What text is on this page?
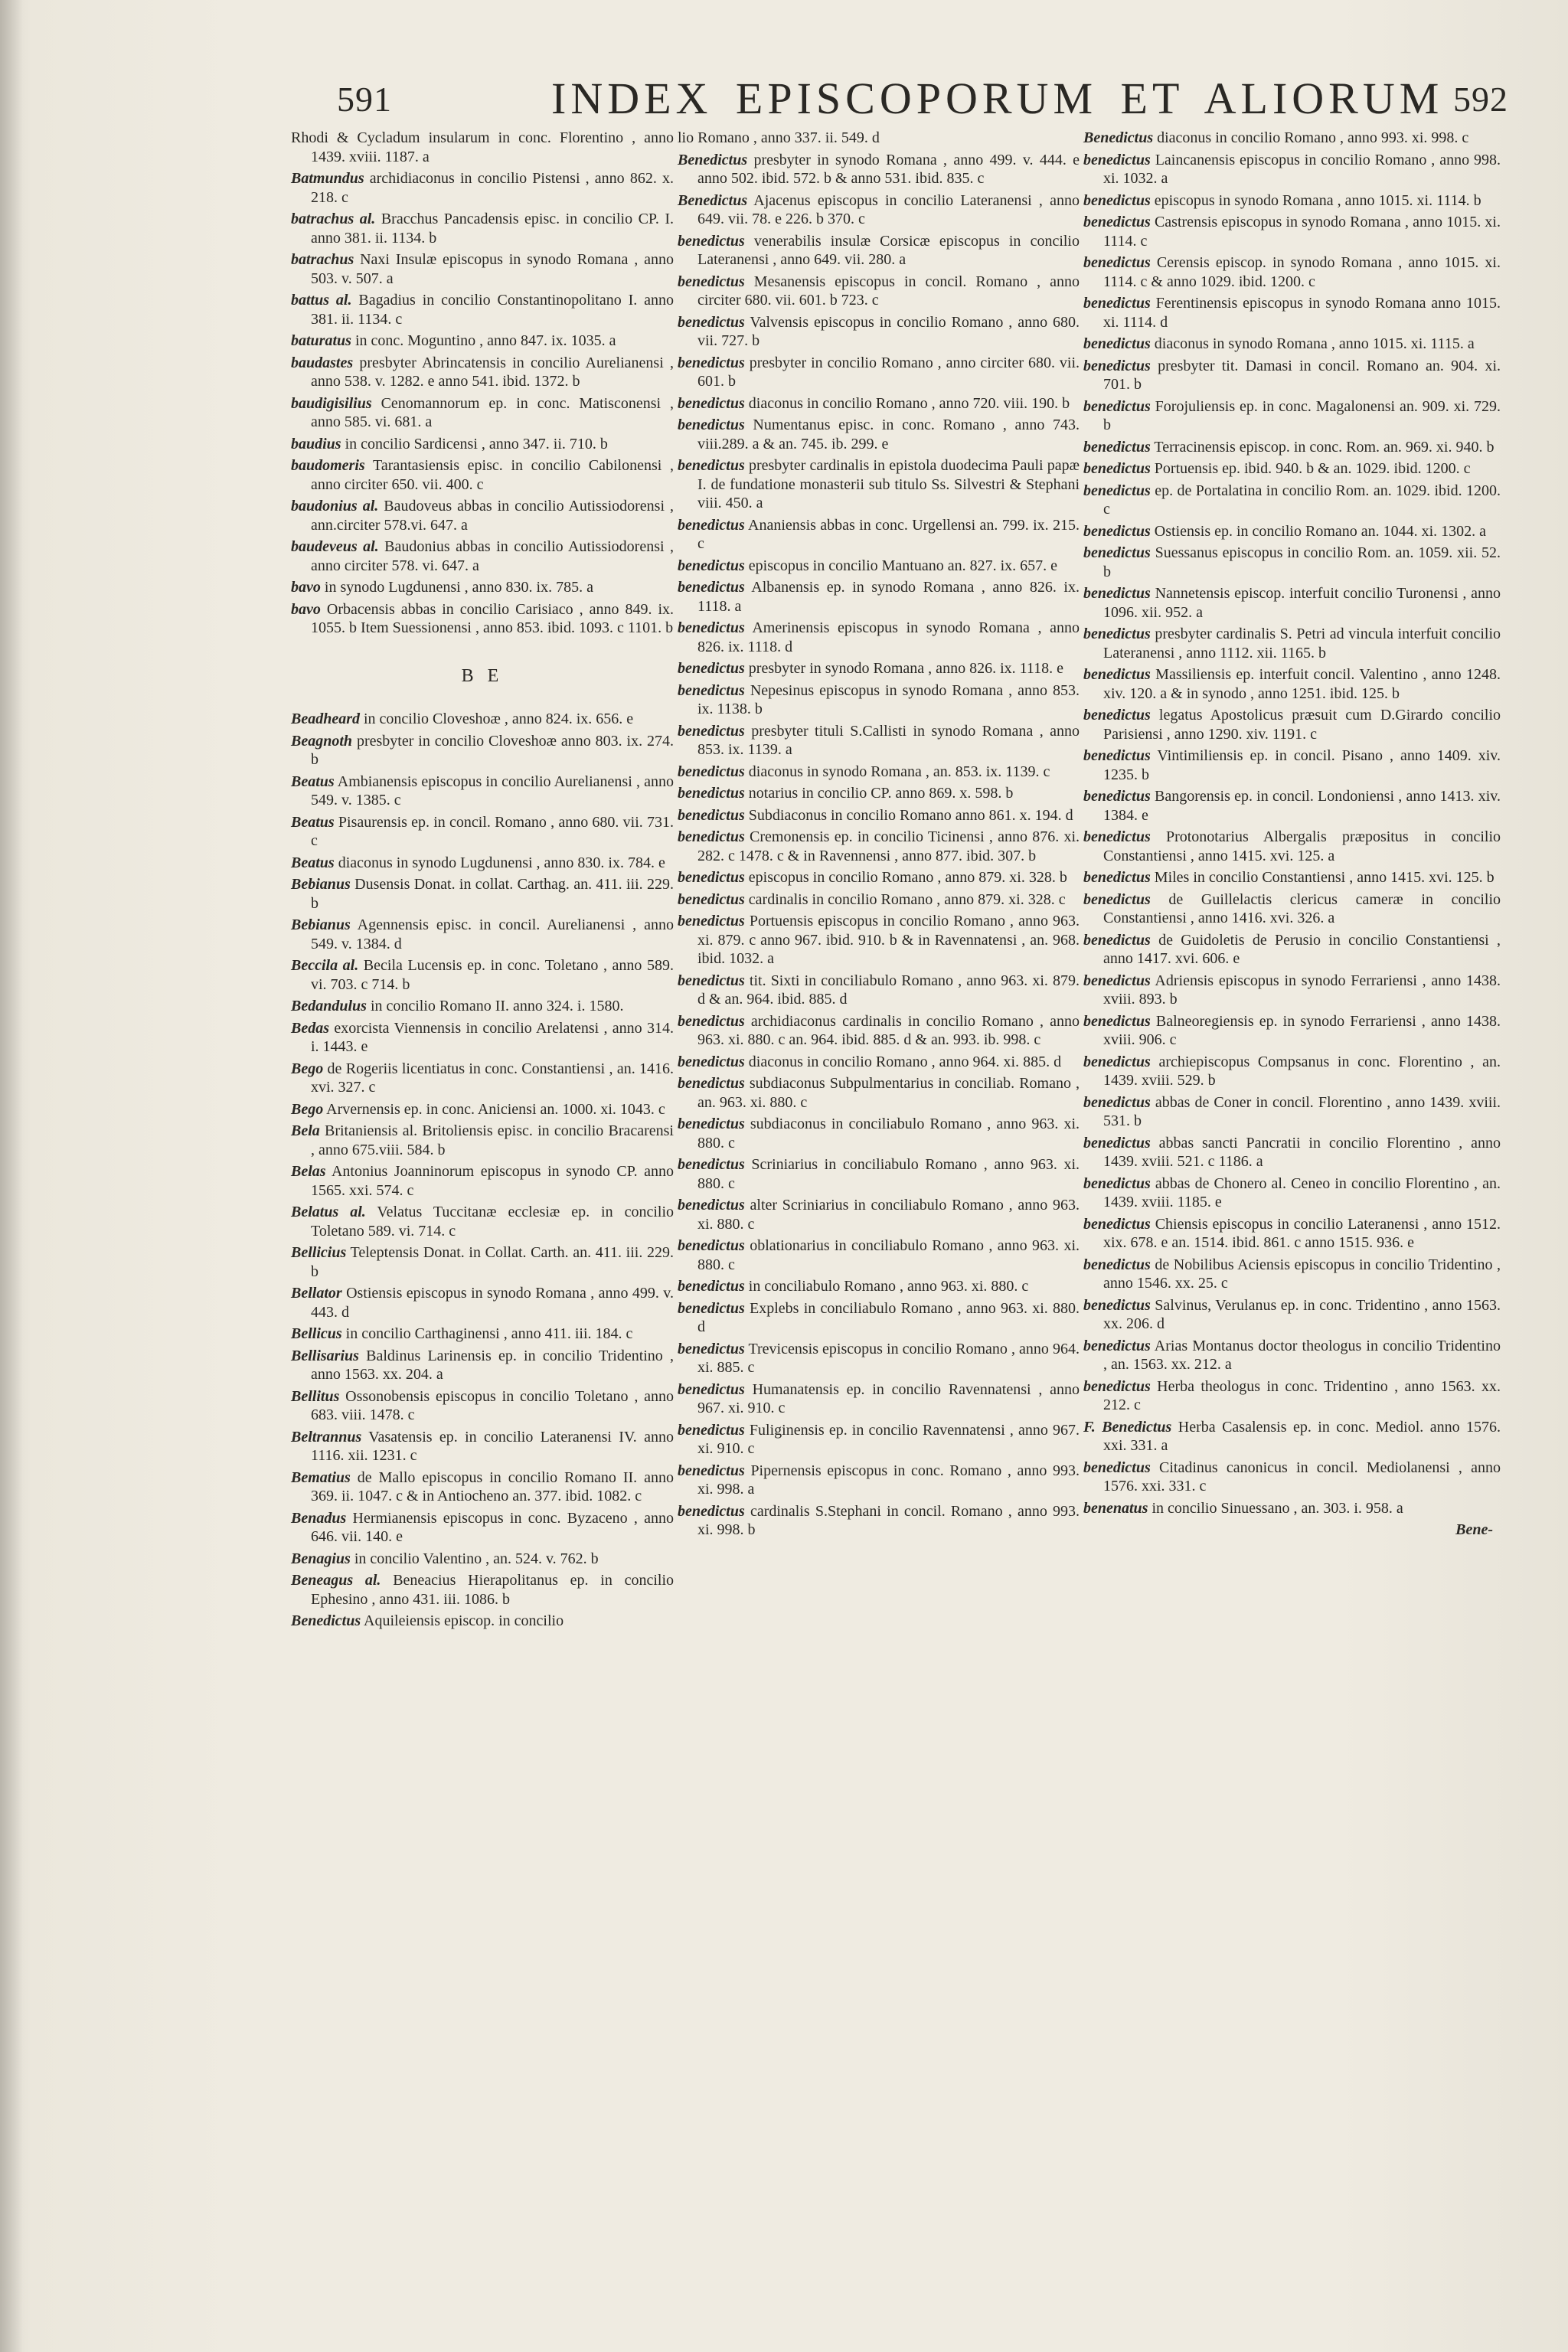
591	INDEX EPISCOPORUM ET ALIORUM 592

Rhodi & Cycladum insularum in conc. Florentino , anno 1439. xviii. 1187. a

Batmundus archidiaconus in concilio Pistensi , anno 862. x. 218. c

batrachus al. Bracchus Pancadensis episc. in concilio CP. I. anno 381. ii. 1134. b

batrachus Naxi Insulæ episcopus in synodo Romana , anno 503. v. 507. a

battus al. Bagadius in concilio Constantinopolitano I. anno 381. ii. 1134. c

baturatus in conc. Moguntino , anno 847. ix. 1035. a

baudastes presbyter Abrincatensis in concilio Aurelianensi , anno 538. v. 1282. e anno 541. ibid. 1372. b

baudigisilius Cenomannorum ep. in conc. Matisconensi , anno 585. vi. 681. a

baudius in concilio Sardicensi , anno 347. ii. 710. b

baudomeris Tarantasiensis episc. in concilio Cabilonensi , anno circiter 650. vii. 400. c

baudonius al. Baudoveus abbas in concilio Autissiodorensi , ann.circiter 578.vi. 647. a

baudeveus al. Baudonius abbas in concilio Autissiodorensi , anno circiter 578. vi. 647. a

bavo in synodo Lugdunensi , anno 830. ix. 785. a

bavo Orbacensis abbas in concilio Carisiaco , anno 849. ix. 1055. b Item Suessionensi , anno 853. ibid. 1093. c 1101. b

B E

Beadheard in concilio Cloveshoæ , anno 824. ix. 656. e

Beagnoth presbyter in concilio Cloveshoæ anno 803. ix. 274. b

Beatus Ambianensis episcopus in concilio Aurelianensi , anno 549. v. 1385. c

Beatus Pisaurensis ep. in concil. Romano , anno 680. vii. 731. c

Beatus diaconus in synodo Lugdunensi , anno 830. ix. 784. e

Bebianus Dusensis Donat. in collat. Carthag. an. 411. iii. 229. b

Bebianus Agennensis episc. in concil. Aurelianensi , anno 549. v. 1384. d

Beccila al. Becila Lucensis ep. in conc. Toletano , anno 589. vi. 703. c 714. b

Bedandulus in concilio Romano II. anno 324. i. 1580.

Bedas exorcista Viennensis in concilio Arelatensi , anno 314. i. 1443. e

Bego de Rogeriis licentiatus in conc. Constantiensi , an. 1416. xvi. 327. c

Bego Arvernensis ep. in conc. Aniciensi an. 1000. xi. 1043. c

Bela Britaniensis al. Britoliensis episc. in concilio Bracarensi , anno 675.viii. 584. b

Belas Antonius Joanninorum episcopus in synodo CP. anno 1565. xxi. 574. c

Belatus al. Velatus Tuccitanæ ecclesiæ ep. in concilio Toletano 589. vi. 714. c

Bellicius Teleptensis Donat. in Collat. Carth. an. 411. iii. 229. b

Bellator Ostiensis episcopus in synodo Romana , anno 499. v. 443. d

Bellicus in concilio Carthaginensi , anno 411. iii. 184. c

Bellisarius Baldinus Larinensis ep. in concilio Tridentino , anno 1563. xx. 204. a

Bellitus Ossonobensis episcopus in concilio Toletano , anno 683. viii. 1478. c

Beltrannus Vasatensis ep. in concilio Lateranensi IV. anno 1116. xii. 1231. c

Bematius de Mallo episcopus in concilio Romano II. anno 369. ii. 1047. c & in Antiocheno an. 377. ibid. 1082. c

Benadus Hermianensis episcopus in conc. Byzaceno , anno 646. vii. 140. e

Benagius in concilio Valentino , an. 524. v. 762. b

Beneagus al. Beneacius Hierapolitanus ep. in concilio Ephesino , anno 431. iii. 1086. b

Benedictus Aquileiensis episcop. in concilio

lio Romano , anno 337. ii. 549. d

Benedictus presbyter in synodo Romana , anno 499. v. 444. e anno 502. ibid. 572. b & anno 531. ibid. 835. c

Benedictus Ajacenus episcopus in concilio Lateranensi , anno 649. vii. 78. e 226. b 370. c

benedictus venerabilis insulæ Corsicæ episcopus in concilio Lateranensi , anno 649. vii. 280. a

benedictus Mesanensis episcopus in concil. Romano , anno circiter 680. vii. 601. b 723. c

benedictus Valvensis episcopus in concilio Romano , anno 680. vii. 727. b

benedictus presbyter in concilio Romano , anno circiter 680. vii. 601. b

benedictus diaconus in concilio Romano , anno 720. viii. 190. b

benedictus Numentanus episc. in conc. Romano , anno 743. viii.289. a & an. 745. ib. 299. e

benedictus presbyter cardinalis in epistola duodecima Pauli papæ I. de fundatione monasterii sub titulo Ss. Silvestri & Stephani viii. 450. a

benedictus Ananiensis abbas in conc. Urgellensi an. 799. ix. 215. c

benedictus episcopus in concilio Mantuano an. 827. ix. 657. e

benedictus Albanensis ep. in synodo Romana , anno 826. ix. 1118. a

benedictus Amerinensis episcopus in synodo Romana , anno 826. ix. 1118. d

benedictus presbyter in synodo Romana , anno 826. ix. 1118. e

benedictus Nepesinus episcopus in synodo Romana , anno 853. ix. 1138. b

benedictus presbyter tituli S.Callisti in synodo Romana , anno 853. ix. 1139. a

benedictus diaconus in synodo Romana , an. 853. ix. 1139. c

benedictus notarius in concilio CP. anno 869. x. 598. b

benedictus Subdiaconus in concilio Romano anno 861. x. 194. d

benedictus Cremonensis ep. in concilio Ticinensi , anno 876. xi. 282. c 1478. c & in Ravennensi , anno 877. ibid. 307. b

benedictus episcopus in concilio Romano , anno 879. xi. 328. b

benedictus cardinalis in concilio Romano , anno 879. xi. 328. c

benedictus Portuensis episcopus in concilio Romano , anno 963. xi. 879. c anno 967. ibid. 910. b & in Ravennatensi , an. 968. ibid. 1032. a

benedictus tit. Sixti in conciliabulo Romano , anno 963. xi. 879. d & an. 964. ibid. 885. d

benedictus archidiaconus cardinalis in concilio Romano , anno 963. xi. 880. c an. 964. ibid. 885. d & an. 993. ib. 998. c

benedictus diaconus in concilio Romano , anno 964. xi. 885. d

benedictus subdiaconus Subpulmentarius in conciliab. Romano , an. 963. xi. 880. c

benedictus subdiaconus in conciliabulo Romano , anno 963. xi. 880. c

benedictus Scriniarius in conciliabulo Romano , anno 963. xi. 880. c

benedictus alter Scriniarius in conciliabulo Romano , anno 963. xi. 880. c

benedictus oblationarius in conciliabulo Romano , anno 963. xi. 880. c

benedictus in conciliabulo Romano , anno 963. xi. 880. c

benedictus Explebs in conciliabulo Romano , anno 963. xi. 880. d

benedictus Trevicensis episcopus in concilio Romano , anno 964. xi. 885. c

benedictus Humanatensis ep. in concilio Ravennatensi , anno 967. xi. 910. c

benedictus Fuliginensis ep. in concilio Ravennatensi , anno 967. xi. 910. c

benedictus Pipernensis episcopus in conc. Romano , anno 993. xi. 998. a

benedictus cardinalis S.Stephani in concil. Romano , anno 993. xi. 998. b

Benedictus diaconus in concilio Romano , anno 993. xi. 998. c

benedictus Laincanensis episcopus in concilio Romano , anno 998. xi. 1032. a

benedictus episcopus in synodo Romana , anno 1015. xi. 1114. b

benedictus Castrensis episcopus in synodo Romana , anno 1015. xi. 1114. c

benedictus Cerensis episcop. in synodo Romana , anno 1015. xi. 1114. c & anno 1029. ibid. 1200. c

benedictus Ferentinensis episcopus in synodo Romana anno 1015. xi. 1114. d

benedictus diaconus in synodo Romana , anno 1015. xi. 1115. a

benedictus presbyter tit. Damasi in concil. Romano an. 904. xi. 701. b

benedictus Forojuliensis ep. in conc. Magalonensi an. 909. xi. 729. b

benedictus Terracinensis episcop. in conc. Rom. an. 969. xi. 940. b

benedictus Portuensis ep. ibid. 940. b & an. 1029. ibid. 1200. c

benedictus ep. de Portalatina in concilio Rom. an. 1029. ibid. 1200. c

benedictus Ostiensis ep. in concilio Romano an. 1044. xi. 1302. a

benedictus Suessanus episcopus in concilio Rom. an. 1059. xii. 52. b

benedictus Nannetensis episcop. interfuit concilio Turonensi , anno 1096. xii. 952. a

benedictus presbyter cardinalis S. Petri ad vincula interfuit concilio Lateranensi , anno 1112. xii. 1165. b

benedictus Massiliensis ep. interfuit concil. Valentino , anno 1248. xiv. 120. a & in synodo , anno 1251. ibid. 125. b

benedictus legatus Apostolicus præsuit cum D.Girardo concilio Parisiensi , anno 1290. xiv. 1191. c

benedictus Vintimiliensis ep. in concil. Pisano , anno 1409. xiv. 1235. b

benedictus Bangorensis ep. in concil. Londoniensi , anno 1413. xiv. 1384. e

benedictus Protonotarius Albergalis præpositus in concilio Constantiensi , anno 1415. xvi. 125. a

benedictus Miles in concilio Constantiensi , anno 1415. xvi. 125. b

benedictus de Guillelactis clericus cameræ in concilio Constantiensi , anno 1416. xvi. 326. a

benedictus de Guidoletis de Perusio in concilio Constantiensi , anno 1417. xvi. 606. e

benedictus Adriensis episcopus in synodo Ferrariensi , anno 1438. xviii. 893. b

benedictus Balneoregiensis ep. in synodo Ferrariensi , anno 1438. xviii. 906. c

benedictus archiepiscopus Compsanus in conc. Florentino , an. 1439. xviii. 529. b

benedictus abbas de Coner in concil. Florentino , anno 1439. xviii. 531. b

benedictus abbas sancti Pancratii in concilio Florentino , anno 1439. xviii. 521. c 1186. a

benedictus abbas de Chonero al. Ceneo in concilio Florentino , an. 1439. xviii. 1185. e

benedictus Chiensis episcopus in concilio Lateranensi , anno 1512. xix. 678. e an. 1514. ibid. 861. c anno 1515. 936. e

benedictus de Nobilibus Aciensis episcopus in concilio Tridentino , anno 1546. xx. 25. c

benedictus Salvinus, Verulanus ep. in conc. Tridentino , anno 1563. xx. 206. d

benedictus Arias Montanus doctor theologus in concilio Tridentino , an. 1563. xx. 212. a

benedictus Herba theologus in conc. Tridentino , anno 1563. xx. 212. c

F. Benedictus Herba Casalensis ep. in conc. Mediol. anno 1576. xxi. 331. a

benedictus Citadinus canonicus in concil. Mediolanensi , anno 1576. xxi. 331. c

benenatus in concilio Sinuessano , an. 303. i. 958. a

Bene-
